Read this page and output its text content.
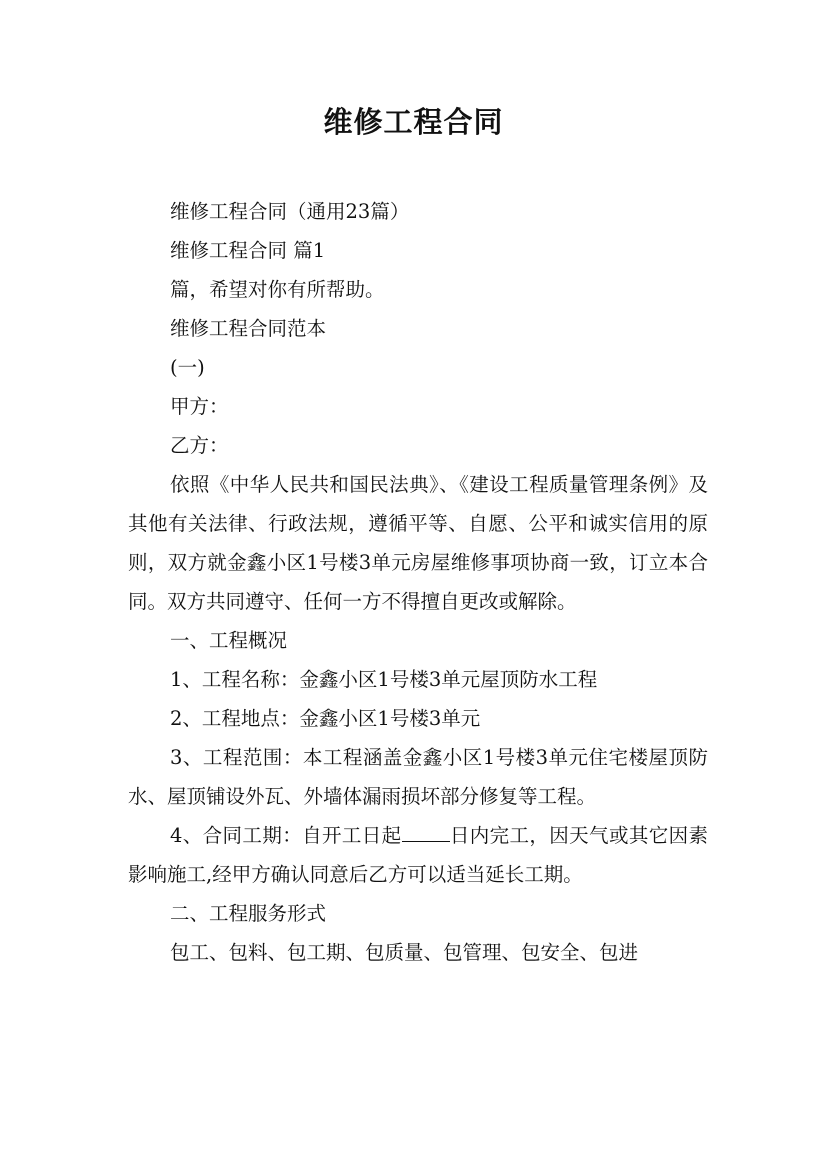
维修工程合同

维修工程合同（通用23篇）

维修工程合同 篇1

篇，希望对你有所帮助。

维修工程合同范本

(一)

甲方：

乙方：

依照《中华人民共和国民法典》、《建设工程质量管理条例》及其他有关法律、行政法规，遵循平等、自愿、公平和诚实信用的原则，双方就金鑫小区1号楼3单元房屋维修事项协商一致，订立本合同。双方共同遵守、任何一方不得擅自更改或解除。

一、工程概况

1、工程名称：金鑫小区1号楼3单元屋顶防水工程

2、工程地点：金鑫小区1号楼3单元

3、工程范围：本工程涵盖金鑫小区1号楼3单元住宅楼屋顶防水、屋顶铺设外瓦、外墙体漏雨损坏部分修复等工程。

4、合同工期：自开工日起 日内完工，因天气或其它因素影响施工,经甲方确认同意后乙方可以适当延长工期。

二、工程服务形式

包工、包料、包工期、包质量、包管理、包安全、包进
